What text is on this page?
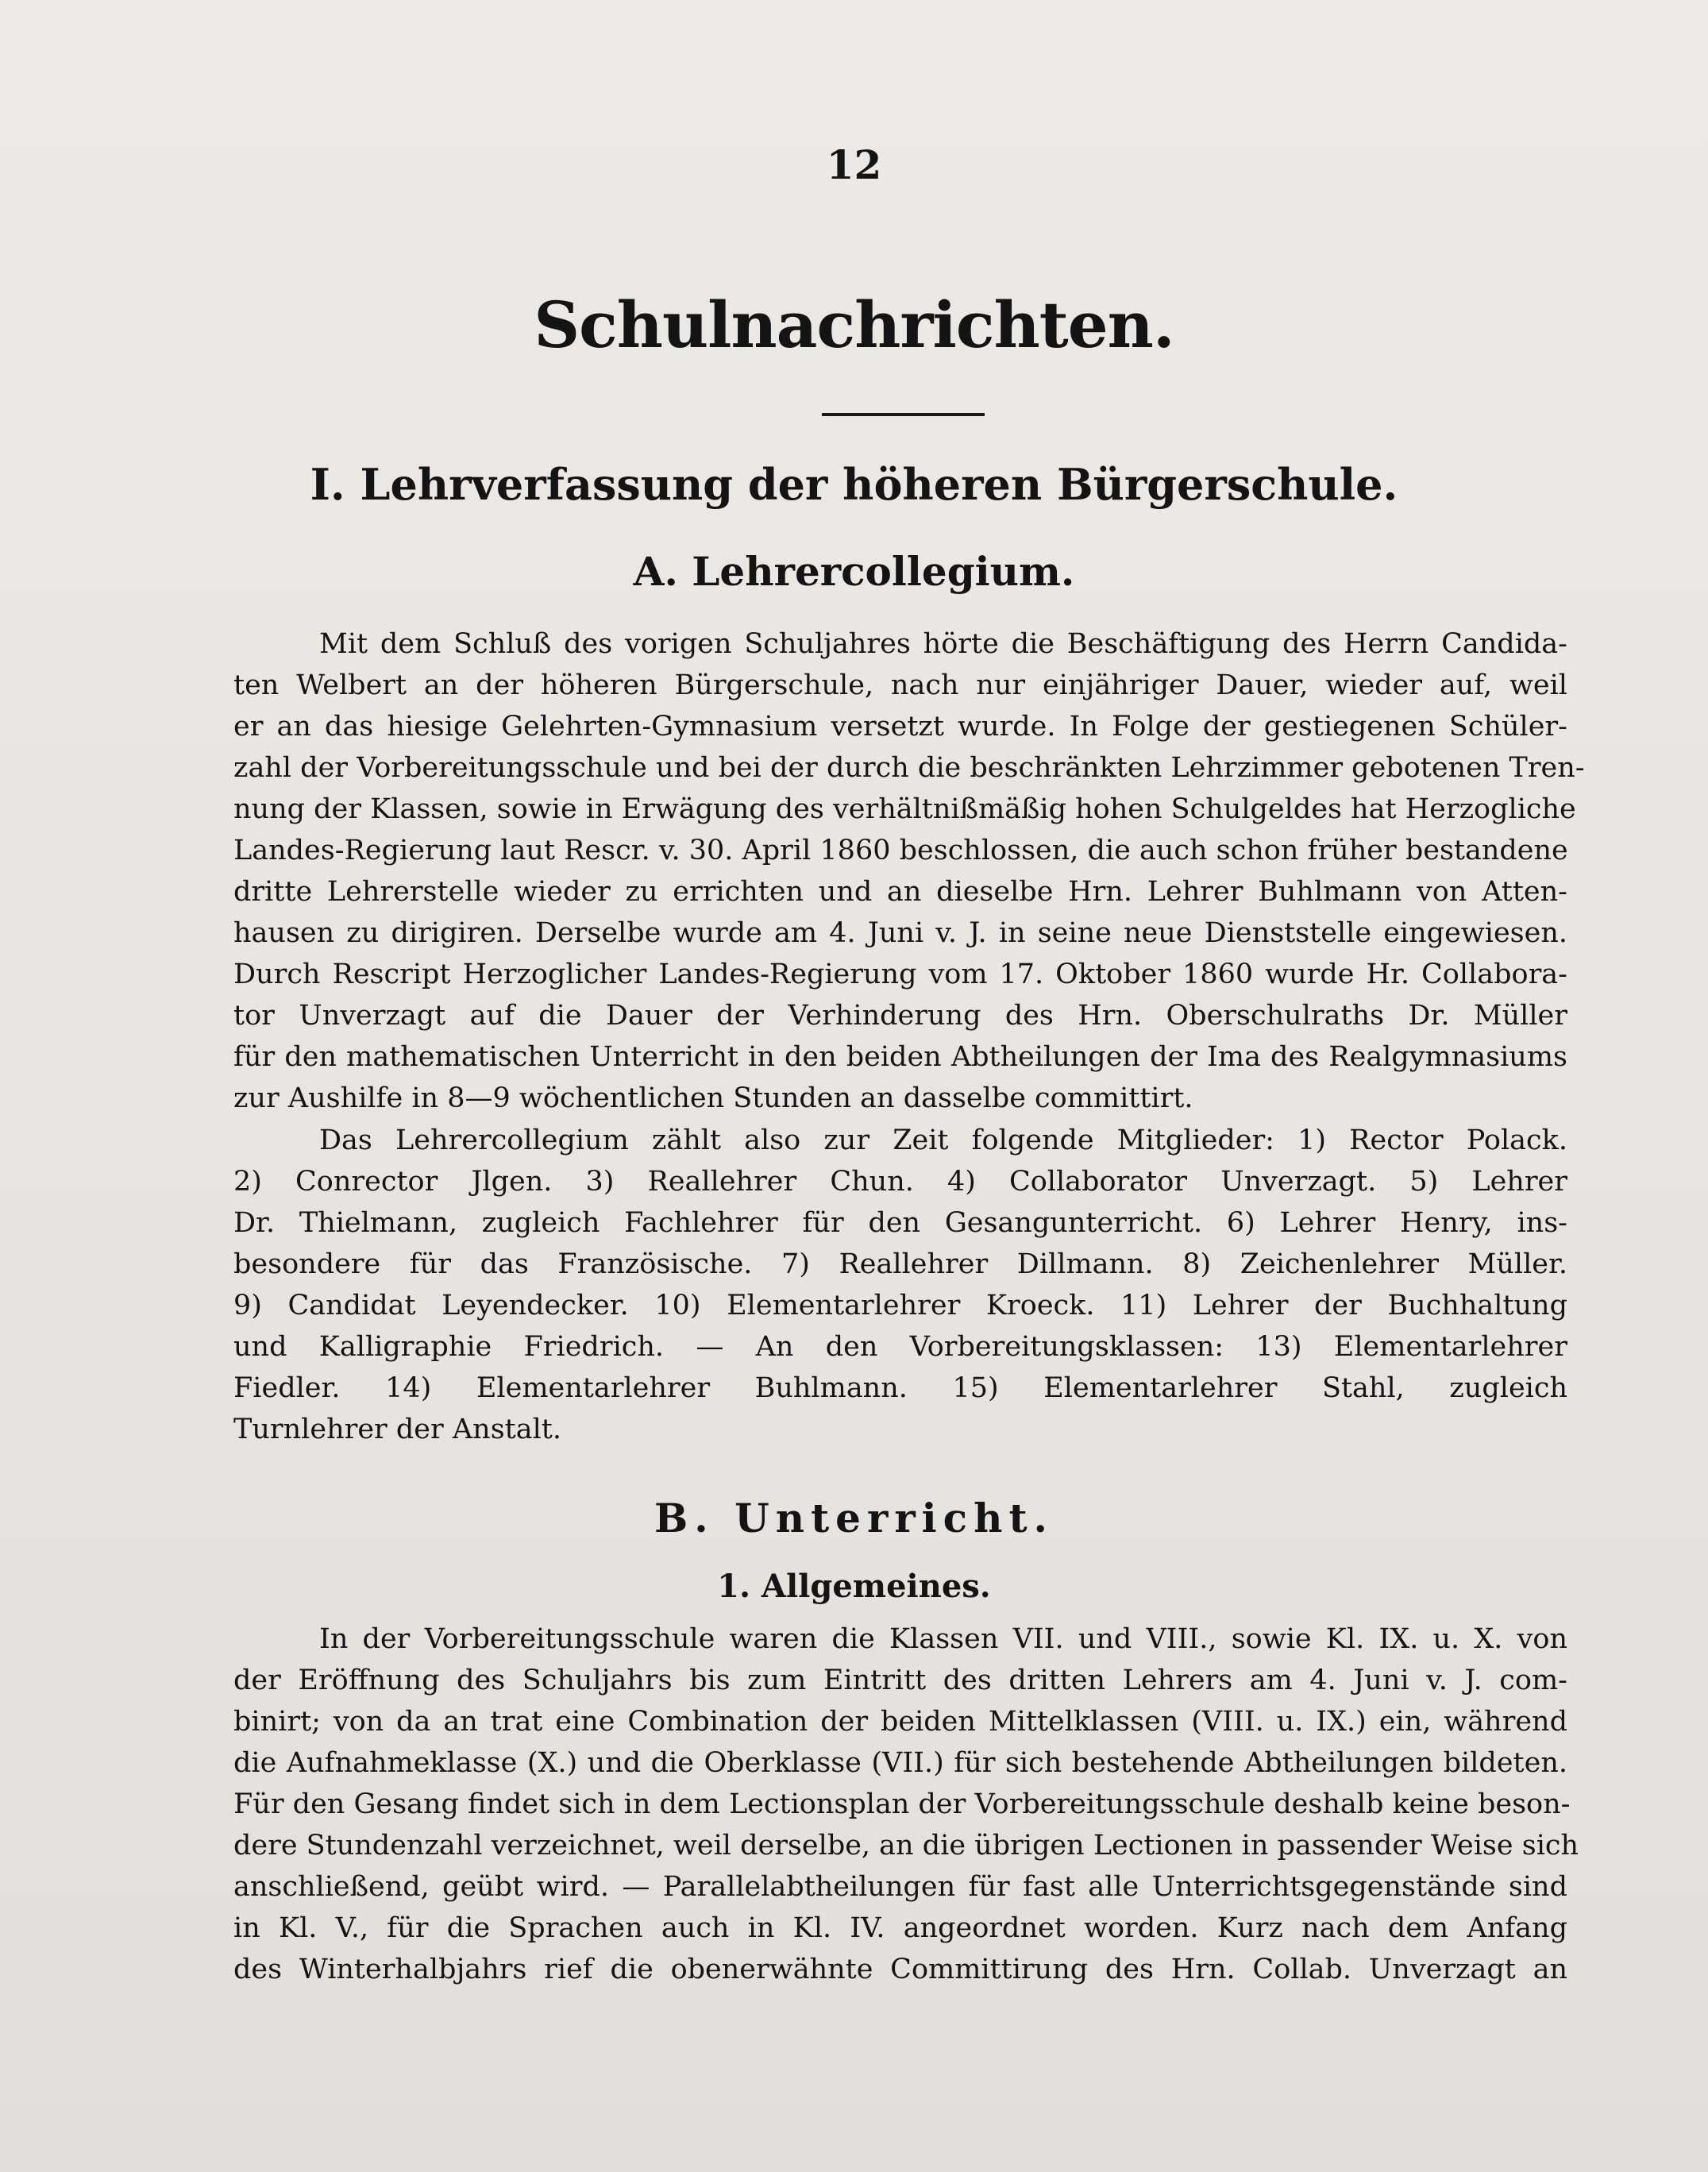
12
Schulnachrichten.
I. Lehrverfassung der höheren Bürgerschule.
A. Lehrercollegium.
Mit dem Schluß des vorigen Schuljahres hörte die Beschäftigung des Herrn Candida-
ten Welbert an der höheren Bürgerschule, nach nur einjähriger Dauer, wieder auf, weil
er an das hiesige Gelehrten-Gymnasium versetzt wurde. In Folge der gestiegenen Schüler-
zahl der Vorbereitungsschule und bei der durch die beschränkten Lehrzimmer gebotenen Tren-
nung der Klassen, sowie in Erwägung des verhältnißmäßig hohen Schulgeldes hat Herzogliche
Landes-Regierung laut Rescr. v. 30. April 1860 beschlossen, die auch schon früher bestandene
dritte Lehrerstelle wieder zu errichten und an dieselbe Hrn. Lehrer Buhlmann von Atten-
hausen zu dirigiren. Derselbe wurde am 4. Juni v. J. in seine neue Dienststelle eingewiesen.
Durch Rescript Herzoglicher Landes-Regierung vom 17. Oktober 1860 wurde Hr. Collabora-
tor Unverzagt auf die Dauer der Verhinderung des Hrn. Oberschulraths Dr. Müller
für den mathematischen Unterricht in den beiden Abtheilungen der Ima des Realgymnasiums
zur Aushilfe in 8—9 wöchentlichen Stunden an dasselbe committirt.
Das Lehrercollegium zählt also zur Zeit folgende Mitglieder: 1) Rector Polack.
2) Conrector Jlgen. 3) Reallehrer Chun. 4) Collaborator Unverzagt. 5) Lehrer
Dr. Thielmann, zugleich Fachlehrer für den Gesangunterricht. 6) Lehrer Henry, ins-
besondere für das Französische. 7) Reallehrer Dillmann. 8) Zeichenlehrer Müller.
9) Candidat Leyendecker. 10) Elementarlehrer Kroeck. 11) Lehrer der Buchhaltung
und Kalligraphie Friedrich. — An den Vorbereitungsklassen: 13) Elementarlehrer
Fiedler. 14) Elementarlehrer Buhlmann. 15) Elementarlehrer Stahl, zugleich
Turnlehrer der Anstalt.
B. Unterricht.
1. Allgemeines.
In der Vorbereitungsschule waren die Klassen VII. und VIII., sowie Kl. IX. u. X. von
der Eröffnung des Schuljahrs bis zum Eintritt des dritten Lehrers am 4. Juni v. J. com-
binirt; von da an trat eine Combination der beiden Mittelklassen (VIII. u. IX.) ein, während
die Aufnahmeklasse (X.) und die Oberklasse (VII.) für sich bestehende Abtheilungen bildeten.
Für den Gesang findet sich in dem Lectionsplan der Vorbereitungsschule deshalb keine beson-
dere Stundenzahl verzeichnet, weil derselbe, an die übrigen Lectionen in passender Weise sich
anschließend, geübt wird. — Parallelabtheilungen für fast alle Unterrichtsgegenstände sind
in Kl. V., für die Sprachen auch in Kl. IV. angeordnet worden. Kurz nach dem Anfang
des Winterhalbjahrs rief die obenerwähnte Committirung des Hrn. Collab. Unverzagt an
